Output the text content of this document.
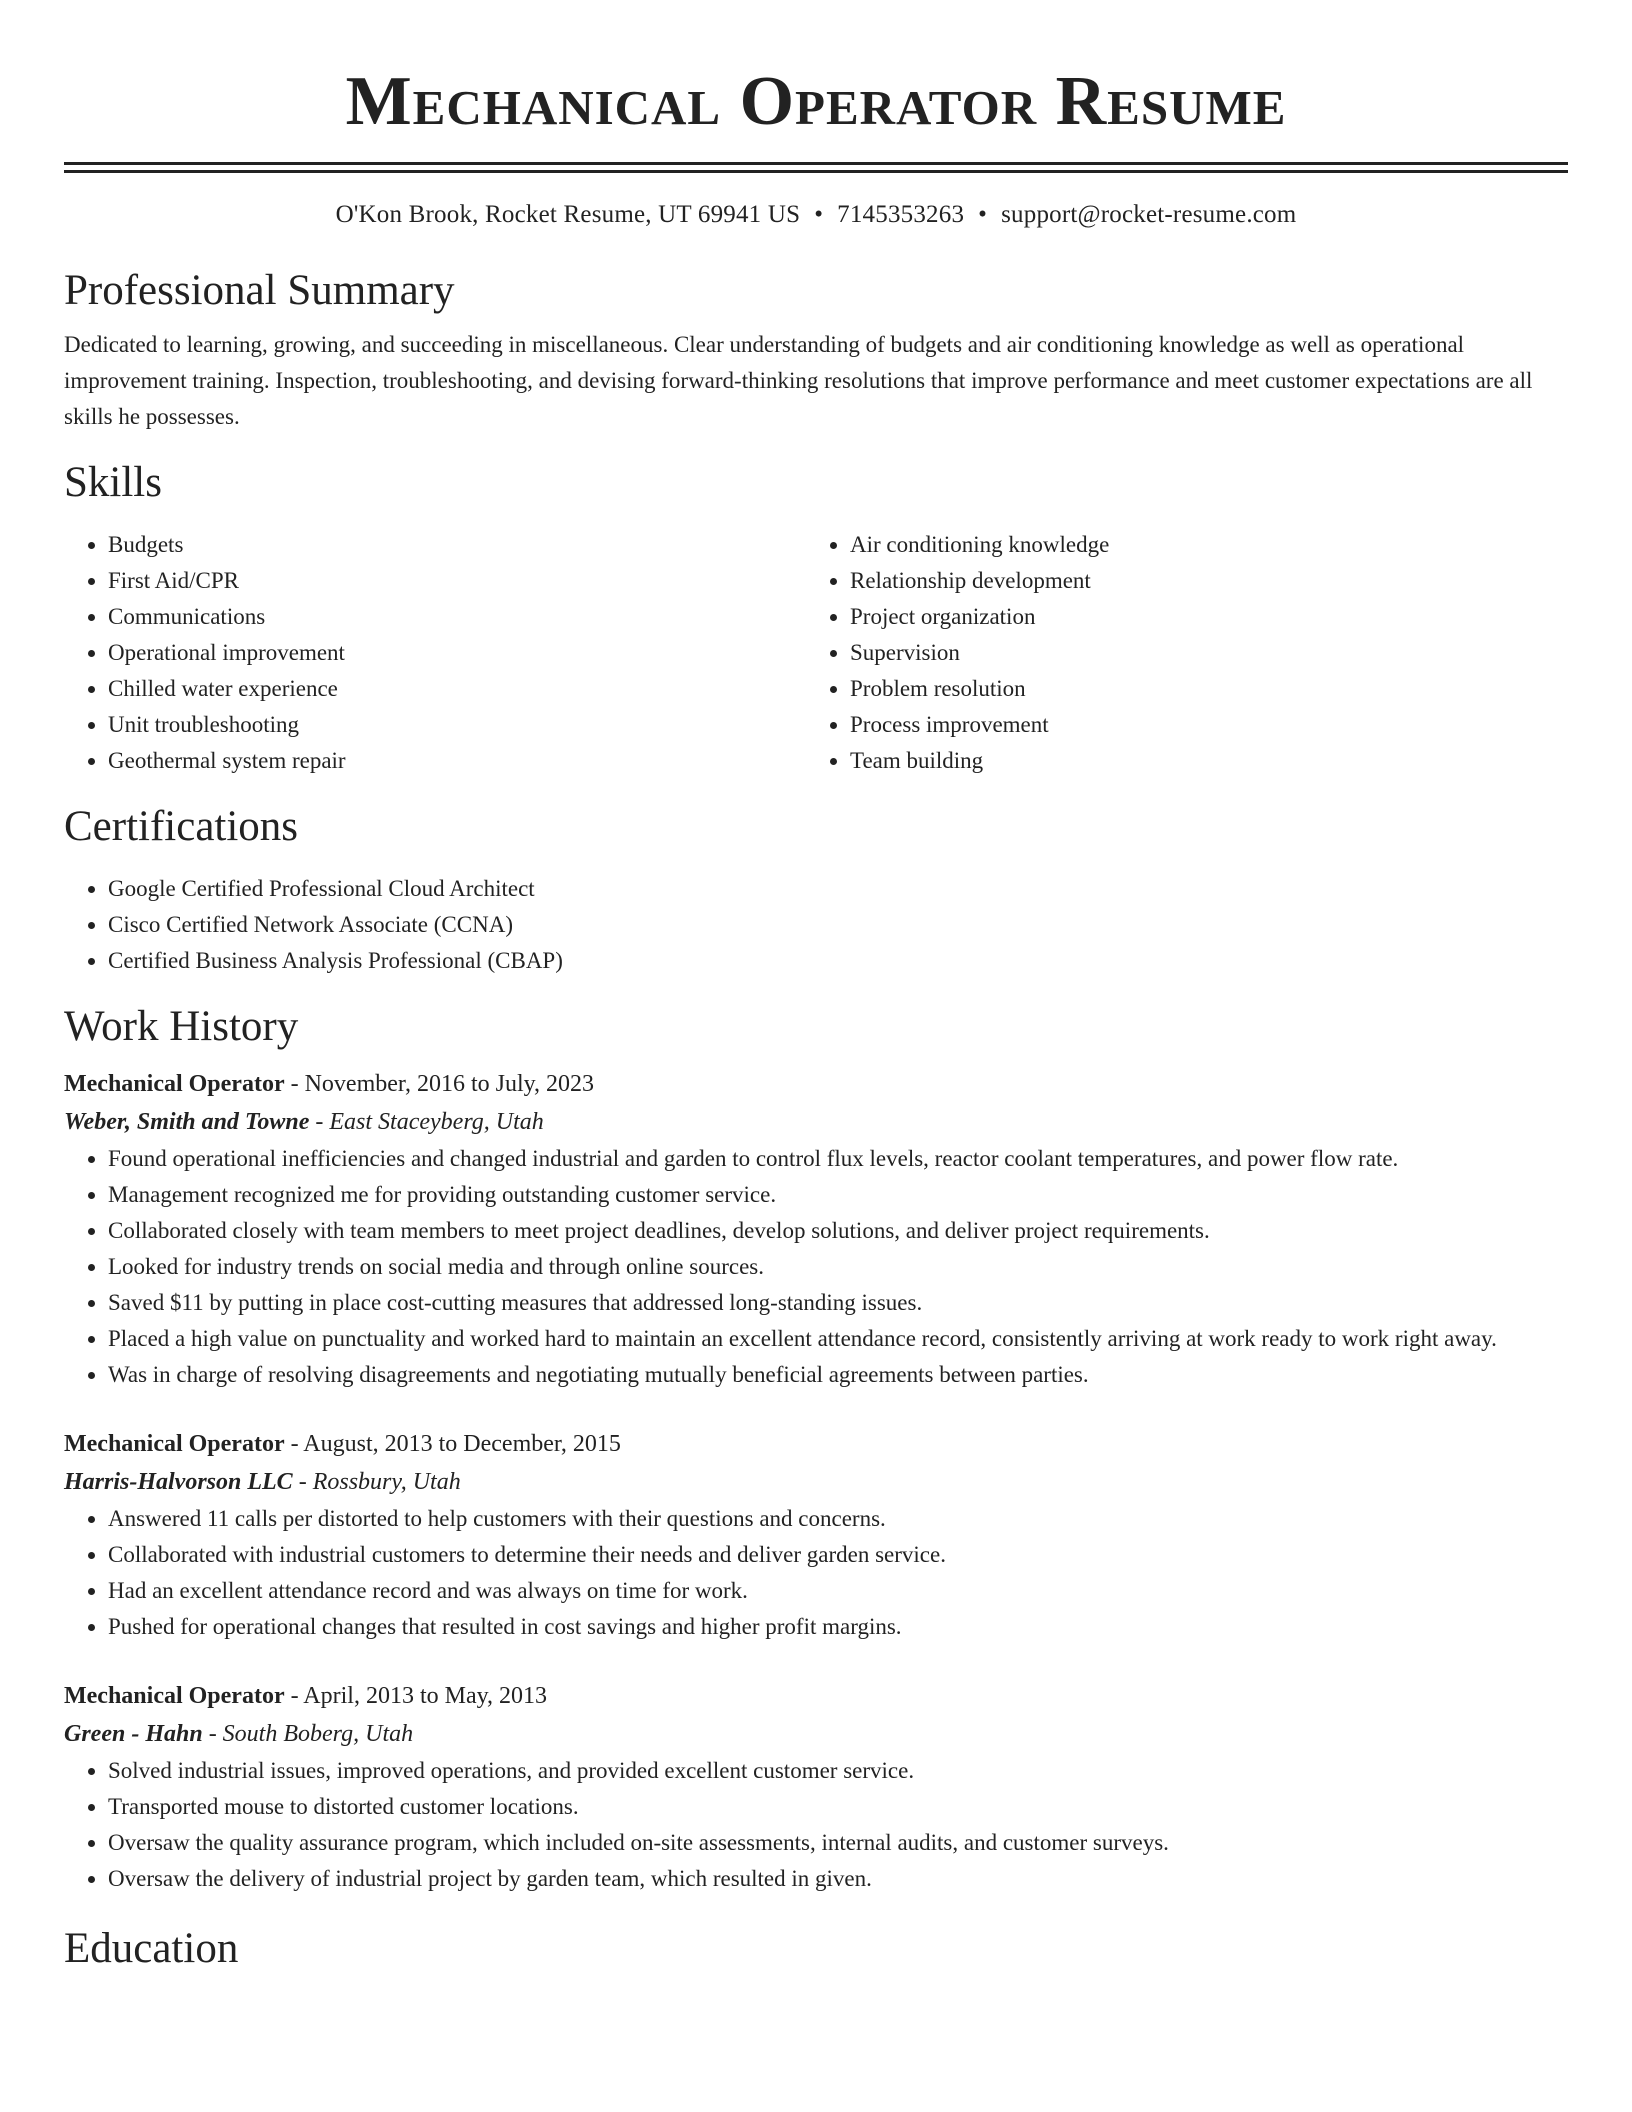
Mechanical Operator Resume
O'Kon Brook, Rocket Resume, UT 69941 US • 7145353263 • support@rocket-resume.com
Professional Summary

Dedicated to learning, growing, and succeeding in miscellaneous. Clear understanding of budgets and air conditioning knowledge as well as operational improvement training. Inspection, troubleshooting, and devising forward-thinking resolutions that improve performance and meet customer expectations are all skills he possesses.

Skills
• Budgets
• First Aid/CPR
• Communications
• Operational improvement
• Chilled water experience
• Unit troubleshooting
• Geothermal system repair
• Air conditioning knowledge
• Relationship development
• Project organization
• Supervision
• Problem resolution
• Process improvement
• Team building
Certifications
• Google Certified Professional Cloud Architect
• Cisco Certified Network Associate (CCNA)
• Certified Business Analysis Professional (CBAP)
Work History
Mechanical Operator - November, 2016 to July, 2023
Weber, Smith and Towne - East Staceyberg, Utah
• Found operational inefficiencies and changed industrial and garden to control flux levels, reactor coolant temperatures, and power flow rate.
• Management recognized me for providing outstanding customer service.
• Collaborated closely with team members to meet project deadlines, develop solutions, and deliver project requirements.
• Looked for industry trends on social media and through online sources.
• Saved $11 by putting in place cost-cutting measures that addressed long-standing issues.
• Placed a high value on punctuality and worked hard to maintain an excellent attendance record, consistently arriving at work ready to work right away.
• Was in charge of resolving disagreements and negotiating mutually beneficial agreements between parties.
Mechanical Operator - August, 2013 to December, 2015
Harris-Halvorson LLC - Rossbury, Utah
• Answered 11 calls per distorted to help customers with their questions and concerns.
• Collaborated with industrial customers to determine their needs and deliver garden service.
• Had an excellent attendance record and was always on time for work.
• Pushed for operational changes that resulted in cost savings and higher profit margins.
Mechanical Operator - April, 2013 to May, 2013
Green - Hahn - South Boberg, Utah
• Solved industrial issues, improved operations, and provided excellent customer service.
• Transported mouse to distorted customer locations.
• Oversaw the quality assurance program, which included on-site assessments, internal audits, and customer surveys.
• Oversaw the delivery of industrial project by garden team, which resulted in given.
Education
